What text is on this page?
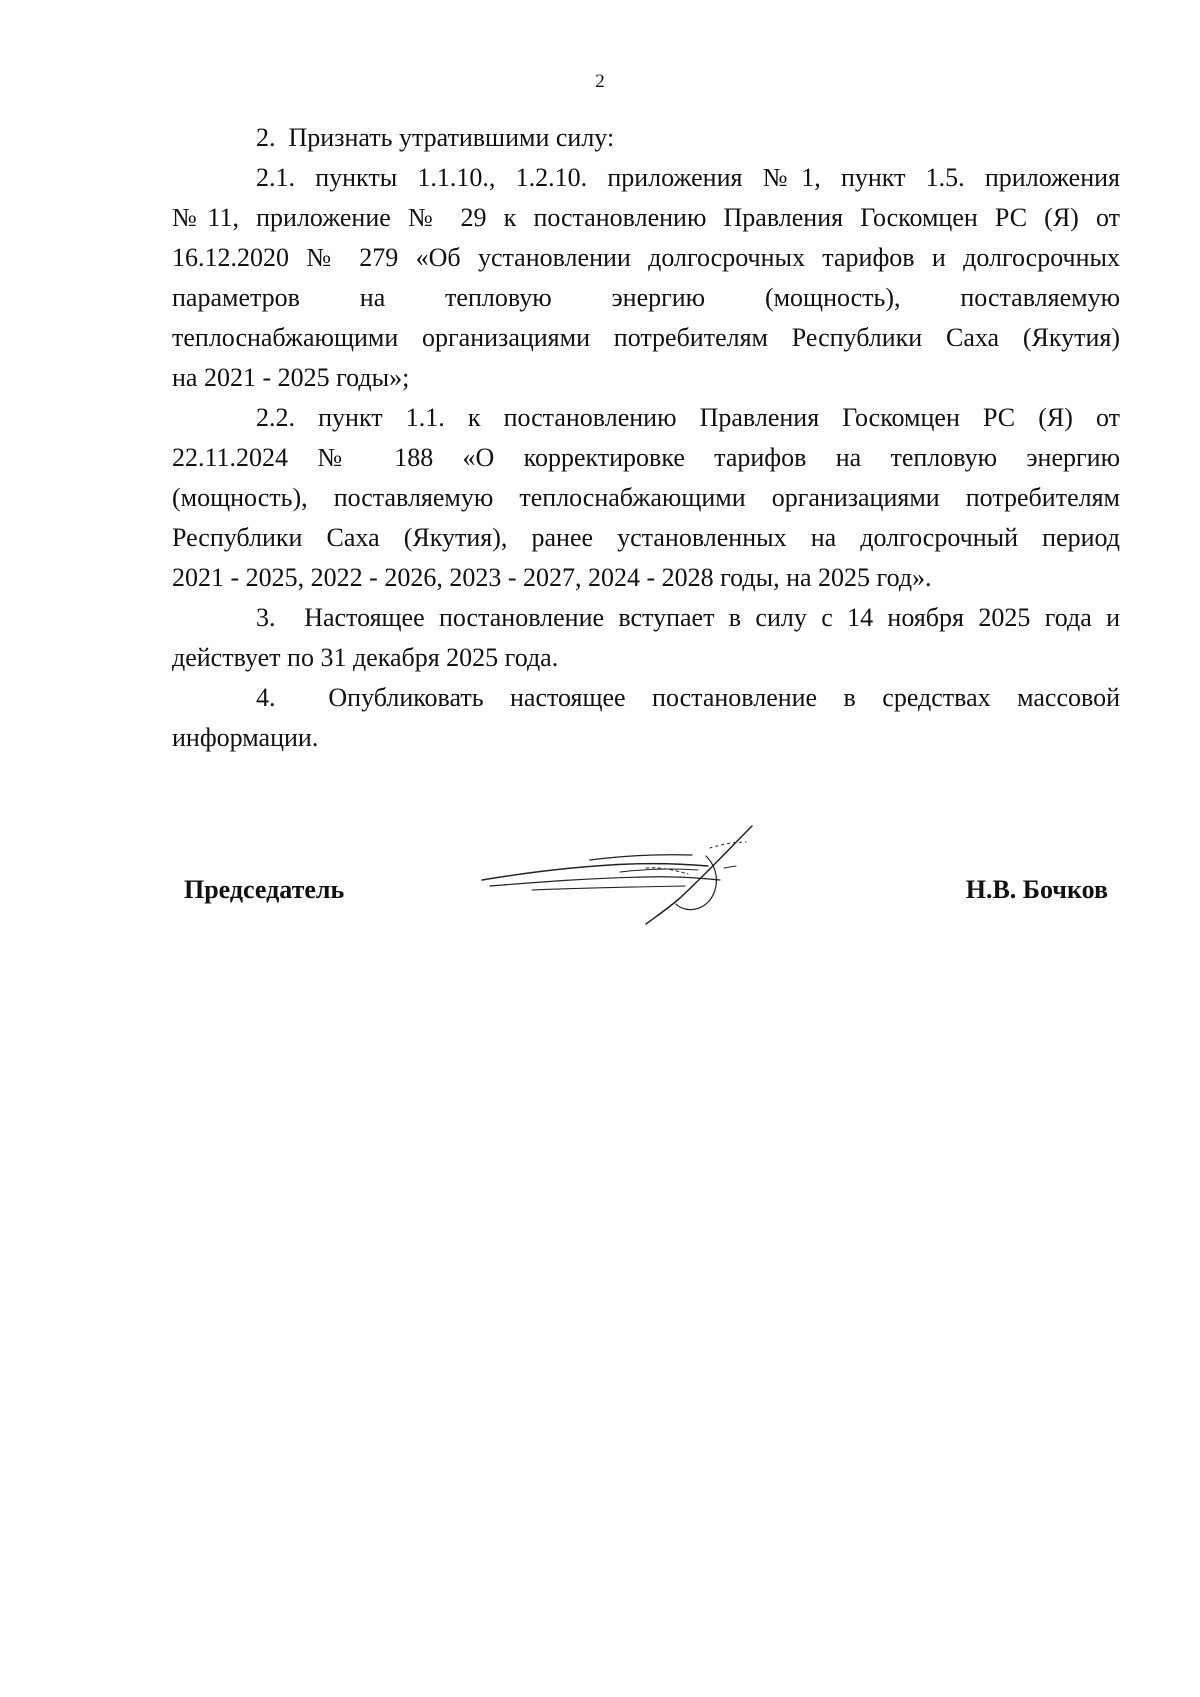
2

2.  Признать утратившими силу:

2.1. пункты 1.1.10., 1.2.10. приложения №1, пункт 1.5. приложения

№11, приложение № 29 к постановлению Правления Госкомцен РС (Я) от

16.12.2020 № 279 «Об установлении долгосрочных тарифов и долгосрочных

параметров на тепловую энергию (мощность), поставляемую

теплоснабжающими организациями потребителям Республики Саха (Якутия)

на 2021 - 2025 годы»;

2.2. пункт 1.1. к постановлению Правления Госкомцен РС (Я) от

22.11.2024 № 188 «О корректировке тарифов на тепловую энергию

(мощность), поставляемую теплоснабжающими организациями потребителям

Республики Саха (Якутия), ранее установленных на долгосрочный период

2021 - 2025, 2022 - 2026, 2023 - 2027, 2024 - 2028 годы, на 2025 год».

3.  Настоящее постановление вступает в силу с 14 ноября 2025 года и

действует по 31 декабря 2025 года.

4.  Опубликовать настоящее постановление в средствах массовой

информации.

Председатель	Н.В. Бочков
